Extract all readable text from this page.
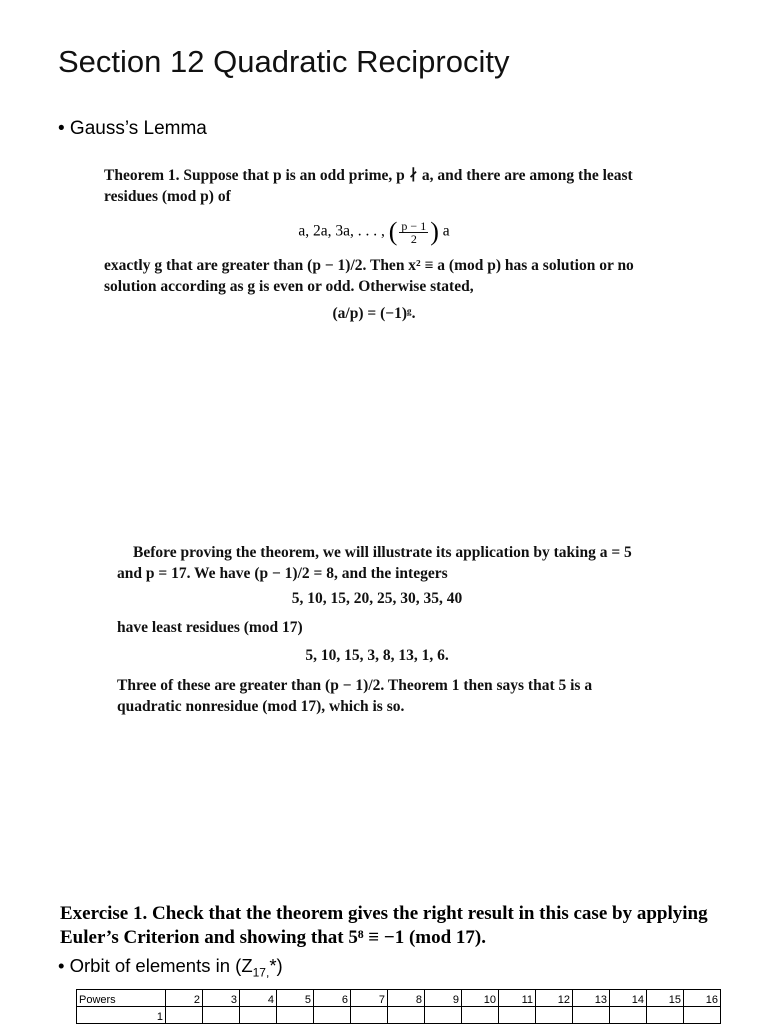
Section 12 Quadratic Reciprocity
• Gauss’s Lemma
Theorem 1. Suppose that p is an odd prime, p ∤ a, and there are among the least residues (mod p) of
a, 2a, 3a, . . . , ( $\frac{p - 1}{2}$ ) a
exactly g that are greater than (p − 1)/2. Then x² ≡ a (mod p) has a solution or no solution according as g is even or odd. Otherwise stated,
(a/p) = (−1)ᵍ.
Before proving the theorem, we will illustrate its application by taking a = 5 and p = 17. We have (p − 1)/2 = 8, and the integers
5, 10, 15, 20, 25, 30, 35, 40
have least residues (mod 17)
5, 10, 15, 3, 8, 13, 1, 6.
Three of these are greater than (p − 1)/2. Theorem 1 then says that 5 is a quadratic nonresidue (mod 17), which is so.
Exercise 1. Check that the theorem gives the right result in this case by applying Euler’s Criterion and showing that 5⁸ ≡ −1 (mod 17).
• Orbit of elements in $(Z_{17,}*)$
Powers	2	3	4	5	6	7	8	9	10	11	12	13	14	15	16
1															
